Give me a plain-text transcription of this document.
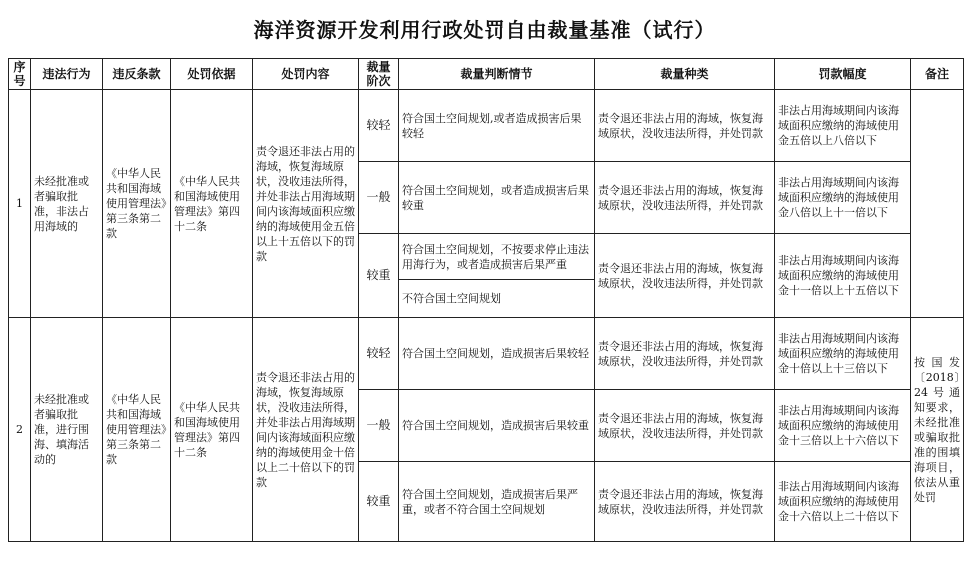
海洋资源开发利用行政处罚自由裁量基准（试行）
序号	违法行为	违反条款	处罚依据	处罚内容	裁量阶次	裁量判断情节	裁量种类	罚款幅度	备注
1	未经批准或者骗取批准，非法占用海域的	《中华人民共和国海域使用管理法》第三条第二款	《中华人民共和国海域使用管理法》第四十二条	责令退还非法占用的海域，恢复海域原状，没收违法所得，并处非法占用海域期间内该海域面积应缴纳的海域使用金五倍以上十五倍以下的罚款	较轻	符合国土空间规划,或者造成损害后果较轻	责令退还非法占用的海域，恢复海域原状，没收违法所得，并处罚款	非法占用海域期间内该海域面积应缴纳的海域使用金五倍以上八倍以下	
					一般	符合国土空间规划，或者造成损害后果较重	责令退还非法占用的海域，恢复海域原状，没收违法所得，并处罚款	非法占用海域期间内该海域面积应缴纳的海域使用金八倍以上十一倍以下	
					较重	符合国土空间规划，不按要求停止违法用海行为，或者造成损害后果严重	责令退还非法占用的海域，恢复海域原状，没收违法所得，并处罚款	非法占用海域期间内该海域面积应缴纳的海域使用金十一倍以上十五倍以下	
						不符合国土空间规划			
2	未经批准或者骗取批准，进行围海、填海活动的	《中华人民共和国海域使用管理法》第三条第二款	《中华人民共和国海域使用管理法》第四十二条	责令退还非法占用的海域，恢复海域原状，没收违法所得，并处非法占用海域期间内该海域面积应缴纳的海域使用金十倍以上二十倍以下的罚款	较轻	符合国土空间规划，造成损害后果较轻	责令退还非法占用的海域，恢复海域原状，没收违法所得，并处罚款	非法占用海域期间内该海域面积应缴纳的海域使用金十倍以上十三倍以下	按国发〔2018〕24号通知要求，未经批准或骗取批准的围填海项目，依法从重处罚
					一般	符合国土空间规划，造成损害后果较重	责令退还非法占用的海域，恢复海域原状，没收违法所得，并处罚款	非法占用海域期间内该海域面积应缴纳的海域使用金十三倍以上十六倍以下	
					较重	符合国土空间规划，造成损害后果严重，或者不符合国土空间规划	责令退还非法占用的海域，恢复海域原状，没收违法所得，并处罚款	非法占用海域期间内该海域面积应缴纳的海域使用金十六倍以上二十倍以下	
